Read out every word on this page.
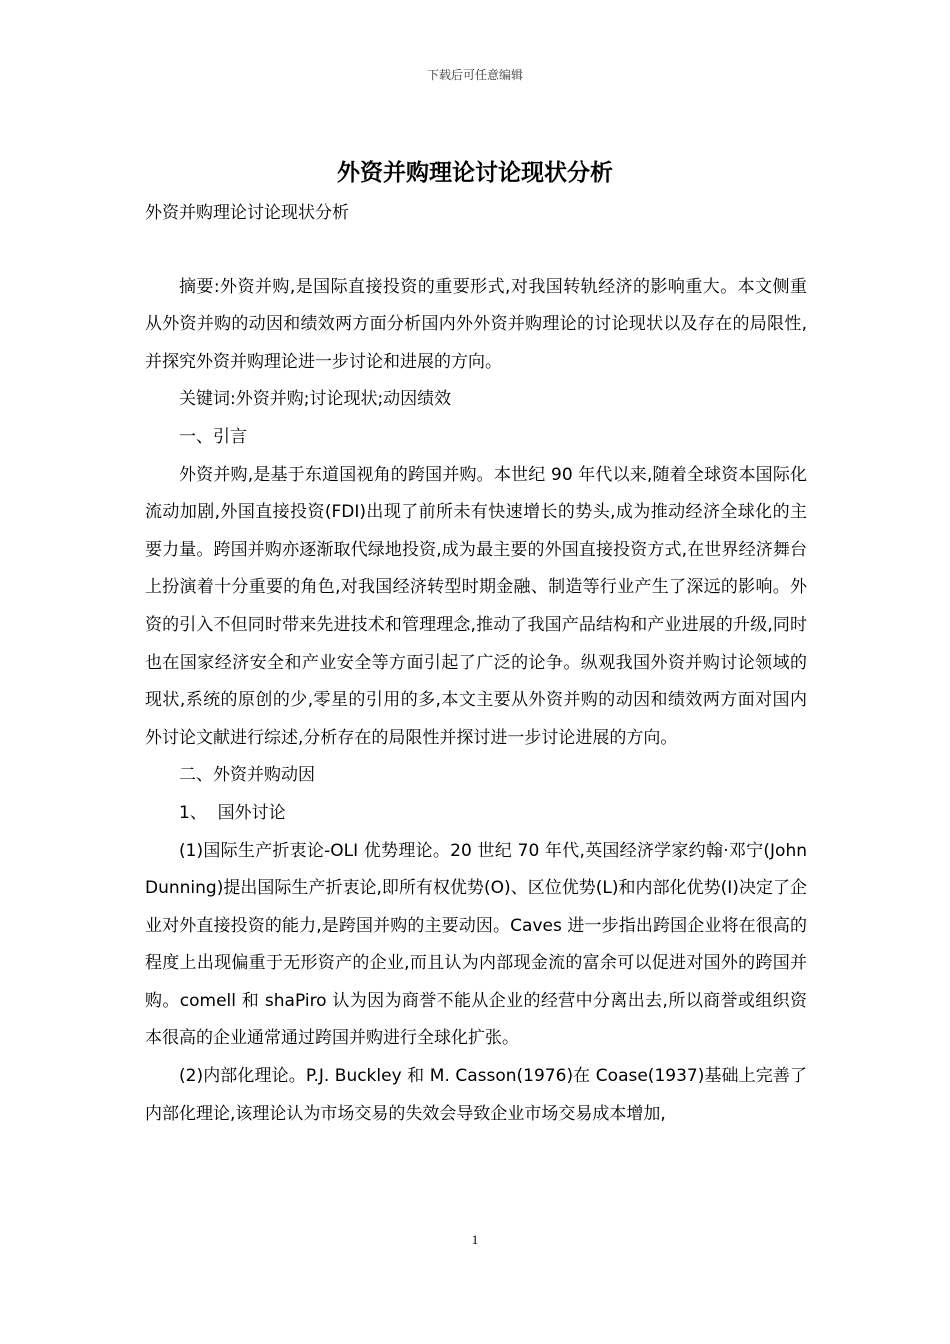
下载后可任意编辑
外资并购理论讨论现状分析

外资并购理论讨论现状分析

摘要:外资并购,是国际直接投资的重要形式,对我国转轨经济的影响重大。本文侧重从外资并购的动因和绩效两方面分析国内外外资并购理论的讨论现状以及存在的局限性,并探究外资并购理论进一步讨论和进展的方向。

关键词:外资并购;讨论现状;动因绩效

一、引言

外资并购,是基于东道国视角的跨国并购。本世纪 90 年代以来,随着全球资本国际化流动加剧,外国直接投资(FDI)出现了前所未有快速增长的势头,成为推动经济全球化的主要力量。跨国并购亦逐渐取代绿地投资,成为最主要的外国直接投资方式,在世界经济舞台上扮演着十分重要的角色,对我国经济转型时期金融、制造等行业产生了深远的影响。外资的引入不但同时带来先进技术和管理理念,推动了我国产品结构和产业进展的升级,同时也在国家经济安全和产业安全等方面引起了广泛的论争。纵观我国外资并购讨论领域的现状,系统的原创的少,零星的引用的多,本文主要从外资并购的动因和绩效两方面对国内外讨论文献进行综述,分析存在的局限性并探讨进一步讨论进展的方向。

二、外资并购动因

1、  国外讨论

(1)国际生产折衷论-OLI 优势理论。20 世纪 70 年代,英国经济学家约翰·邓宁(John Dunning)提出国际生产折衷论,即所有权优势(O)、区位优势(L)和内部化优势(I)决定了企业对外直接投资的能力,是跨国并购的主要动因。Caves 进一步指出跨国企业将在很高的程度上出现偏重于无形资产的企业,而且认为内部现金流的富余可以促进对国外的跨国并购。comell 和 shaPiro 认为因为商誉不能从企业的经营中分离出去,所以商誉或组织资本很高的企业通常通过跨国并购进行全球化扩张。

(2)内部化理论。P.J. Buckley 和 M. Casson(1976)在 Coase(1937)基础上完善了内部化理论,该理论认为市场交易的失效会导致企业市场交易成本增加,

1
